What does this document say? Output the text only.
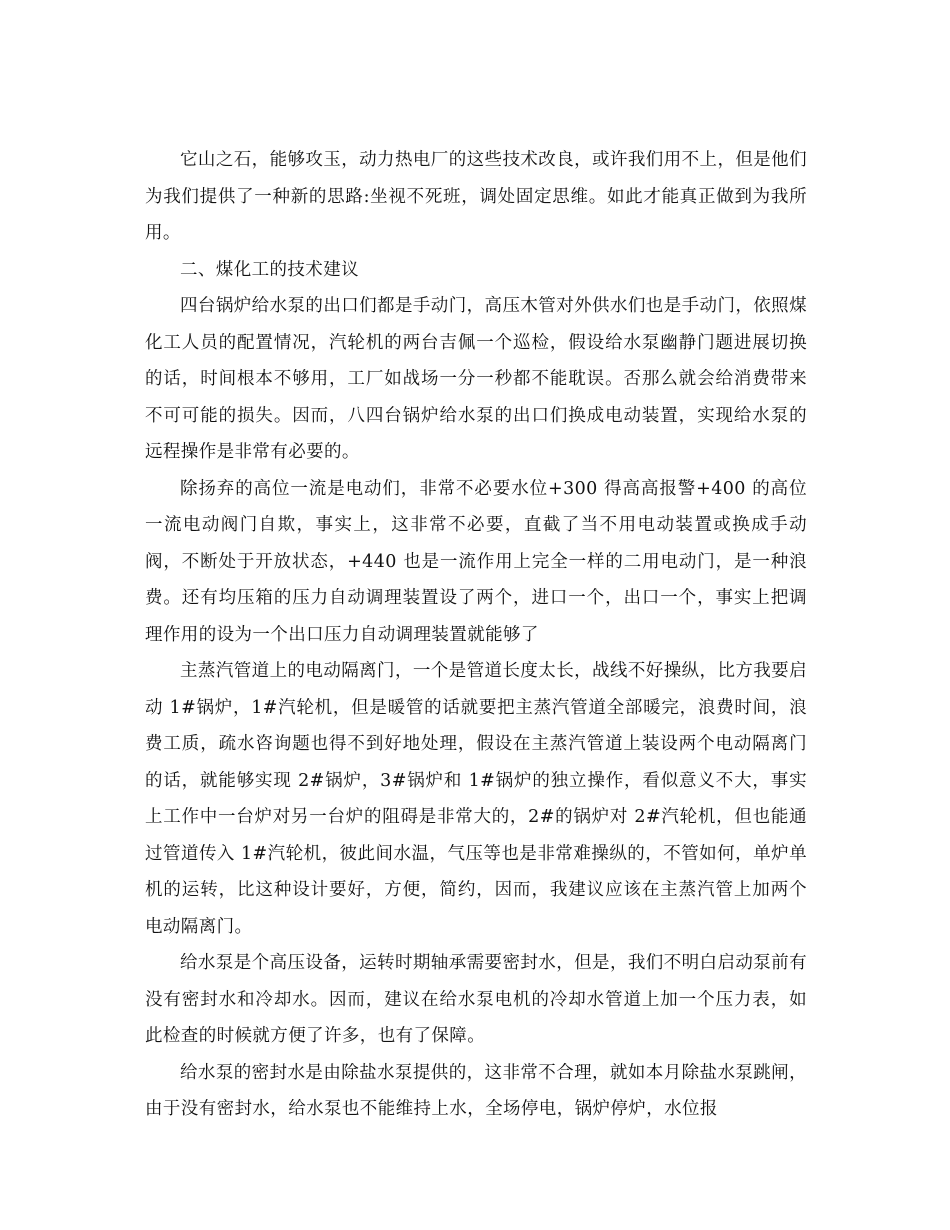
它山之石，能够攻玉，动力热电厂的这些技术改良，或许我们用不上，但是他们为我们提供了一种新的思路:坐视不死班，调处固定思维。如此才能真正做到为我所用。

二、煤化工的技术建议

四台锅炉给水泵的出口们都是手动门，高压木管对外供水们也是手动门，依照煤化工人员的配置情况，汽轮机的两台吉佩一个巡检，假设给水泵幽静门题进展切换的话，时间根本不够用，工厂如战场一分一秒都不能耽误。否那么就会给消费带来不可可能的损失。因而，八四台锅炉给水泵的出口们换成电动装置，实现给水泵的远程操作是非常有必要的。

除扬弃的高位一流是电动们，非常不必要水位+300 得高高报警+400 的高位一流电动阀门自欺，事实上，这非常不必要，直截了当不用电动装置或换成手动阀，不断处于开放状态，+440 也是一流作用上完全一样的二用电动门，是一种浪费。还有均压箱的压力自动调理装置设了两个，进口一个，出口一个，事实上把调理作用的设为一个出口压力自动调理装置就能够了

主蒸汽管道上的电动隔离门，一个是管道长度太长，战线不好操纵，比方我要启动 1#锅炉，1#汽轮机，但是暖管的话就要把主蒸汽管道全部暖完，浪费时间，浪费工质，疏水咨询题也得不到好地处理，假设在主蒸汽管道上装设两个电动隔离门的话，就能够实现 2#锅炉，3#锅炉和 1#锅炉的独立操作，看似意义不大，事实上工作中一台炉对另一台炉的阻碍是非常大的，2#的锅炉对 2#汽轮机，但也能通过管道传入 1#汽轮机，彼此间水温，气压等也是非常难操纵的，不管如何，单炉单机的运转，比这种设计要好，方便，简约，因而，我建议应该在主蒸汽管上加两个电动隔离门。

给水泵是个高压设备，运转时期轴承需要密封水，但是，我们不明白启动泵前有没有密封水和冷却水。因而，建议在给水泵电机的冷却水管道上加一个压力表，如此检查的时候就方便了许多，也有了保障。

给水泵的密封水是由除盐水泵提供的，这非常不合理，就如本月除盐水泵跳闸，由于没有密封水，给水泵也不能维持上水，全场停电，锅炉停炉，水位报
